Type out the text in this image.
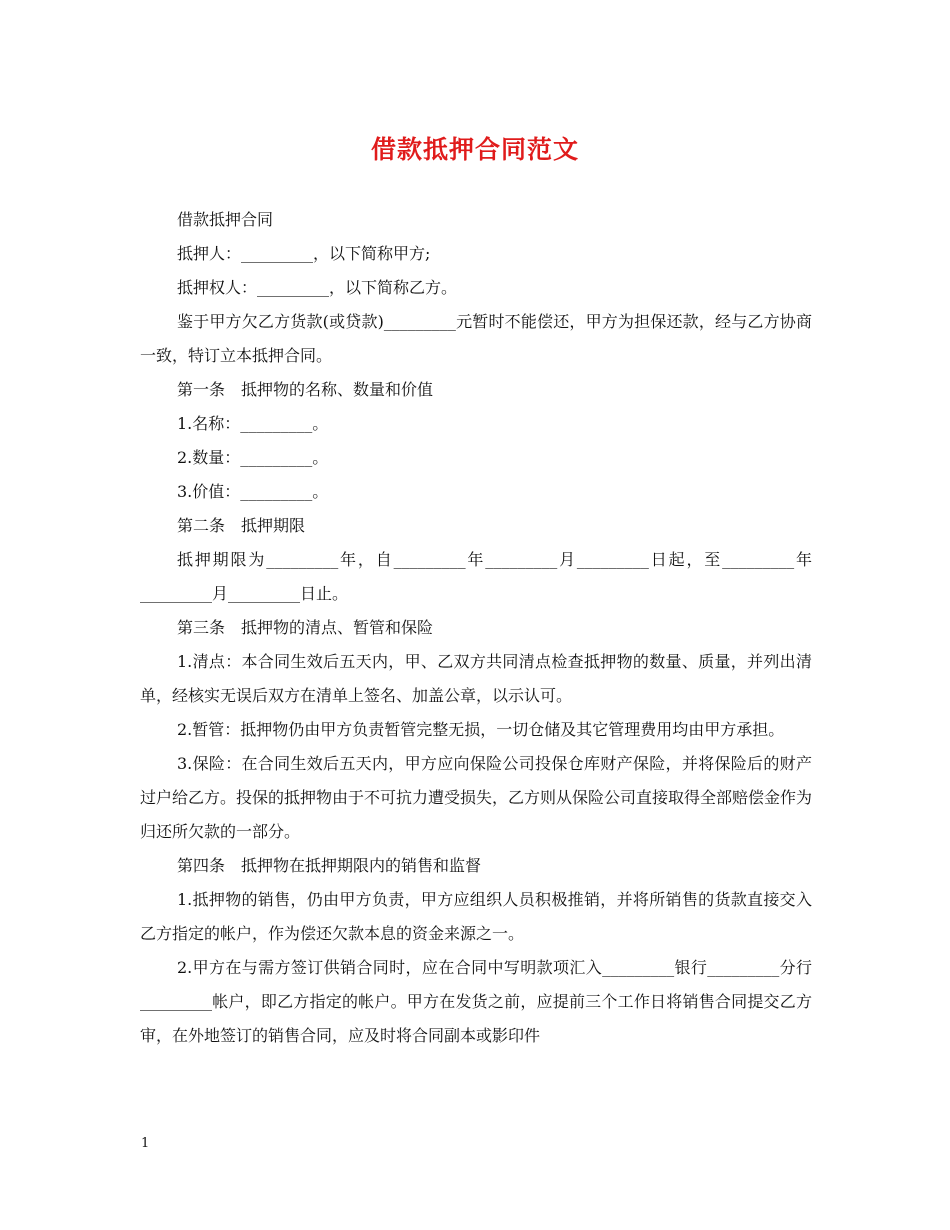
借款抵押合同范文

借款抵押合同

抵押人：_________，以下简称甲方;

抵押权人：_________，以下简称乙方。

鉴于甲方欠乙方货款(或贷款)_________元暂时不能偿还，甲方为担保还款，经与乙方协商一致，特订立本抵押合同。

第一条　抵押物的名称、数量和价值

1.名称：_________。

2.数量：_________。

3.价值：_________。

第二条　抵押期限

抵押期限为_________年，自_________年_________月_________日起，至_________年_________月_________日止。

第三条　抵押物的清点、暂管和保险

1.清点：本合同生效后五天内，甲、乙双方共同清点检查抵押物的数量、质量，并列出清单，经核实无误后双方在清单上签名、加盖公章，以示认可。

2.暂管：抵押物仍由甲方负责暂管完整无损，一切仓储及其它管理费用均由甲方承担。

3.保险：在合同生效后五天内，甲方应向保险公司投保仓库财产保险，并将保险后的财产过户给乙方。投保的抵押物由于不可抗力遭受损失，乙方则从保险公司直接取得全部赔偿金作为归还所欠款的一部分。

第四条　抵押物在抵押期限内的销售和监督

1.抵押物的销售，仍由甲方负责，甲方应组织人员积极推销，并将所销售的货款直接交入乙方指定的帐户，作为偿还欠款本息的资金来源之一。

2.甲方在与需方签订供销合同时，应在合同中写明款项汇入_________银行_________分行_________帐户，即乙方指定的帐户。甲方在发货之前，应提前三个工作日将销售合同提交乙方审，在外地签订的销售合同，应及时将合同副本或影印件

1
